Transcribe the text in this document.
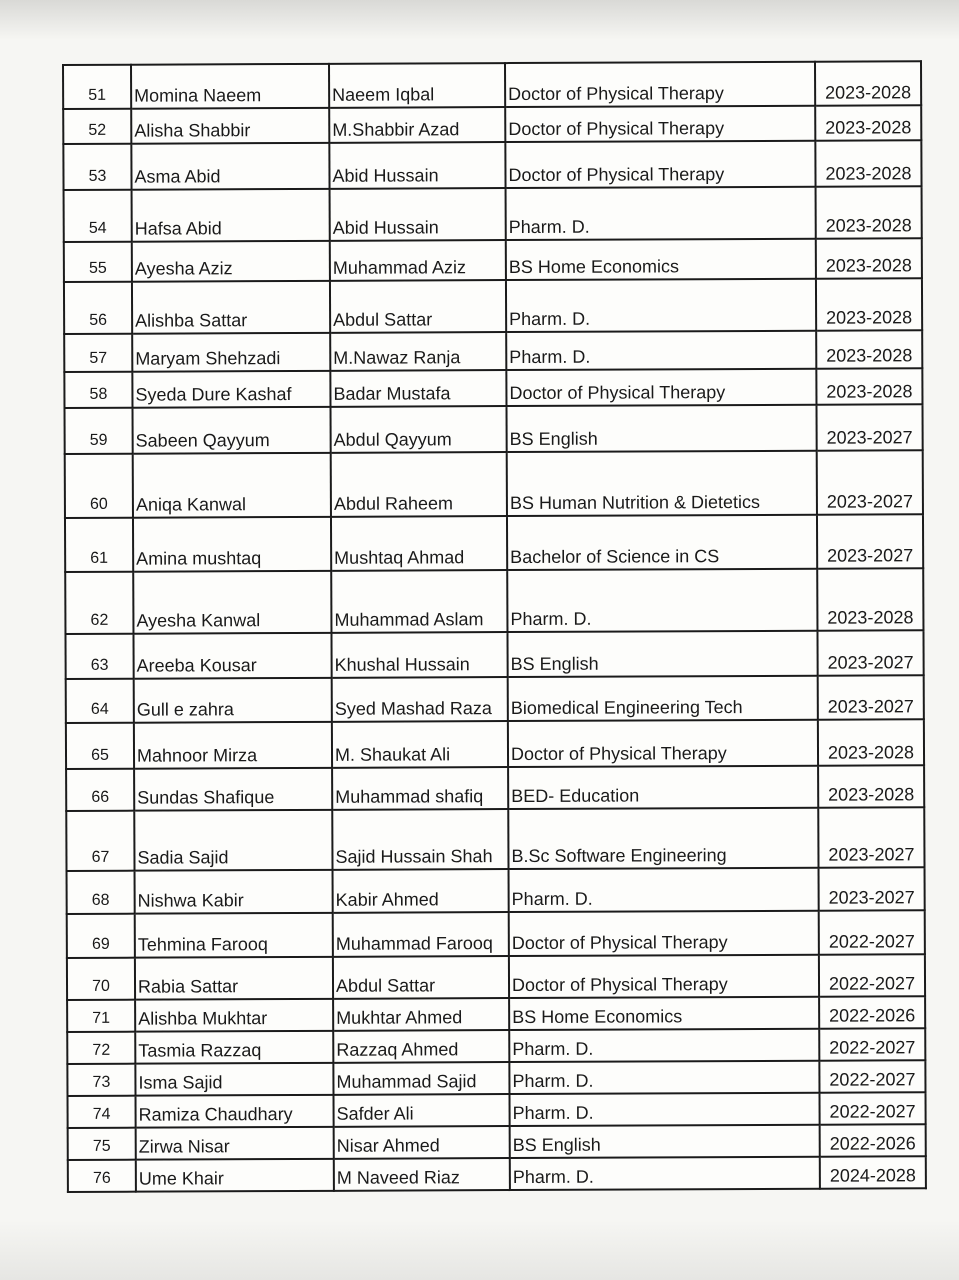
51	Momina Naeem	Naeem Iqbal	Doctor of Physical Therapy	2023-2028
52	Alisha Shabbir	M.Shabbir Azad	Doctor of Physical Therapy	2023-2028
53	Asma Abid	Abid Hussain	Doctor of Physical Therapy	2023-2028
54	Hafsa Abid	Abid Hussain	Pharm. D.	2023-2028
55	Ayesha Aziz	Muhammad Aziz	BS Home Economics	2023-2028
56	Alishba Sattar	Abdul Sattar	Pharm. D.	2023-2028
57	Maryam Shehzadi	M.Nawaz Ranja	Pharm. D.	2023-2028
58	Syeda Dure Kashaf	Badar Mustafa	Doctor of Physical Therapy	2023-2028
59	Sabeen Qayyum	Abdul Qayyum	BS English	2023-2027
60	Aniqa Kanwal	Abdul Raheem	BS Human Nutrition & Dietetics	2023-2027
61	Amina mushtaq	Mushtaq Ahmad	Bachelor of Science in CS	2023-2027
62	Ayesha Kanwal	Muhammad Aslam	Pharm. D.	2023-2028
63	Areeba Kousar	Khushal Hussain	BS English	2023-2027
64	Gull e zahra	Syed Mashad Raza	Biomedical Engineering Tech	2023-2027
65	Mahnoor Mirza	M. Shaukat Ali	Doctor of Physical Therapy	2023-2028
66	Sundas Shafique	Muhammad shafiq	BED- Education	2023-2028
67	Sadia Sajid	Sajid Hussain Shah	B.Sc Software Engineering	2023-2027
68	Nishwa Kabir	Kabir Ahmed	Pharm. D.	2023-2027
69	Tehmina Farooq	Muhammad Farooq	Doctor of Physical Therapy	2022-2027
70	Rabia Sattar	Abdul Sattar	Doctor of Physical Therapy	2022-2027
71	Alishba Mukhtar	Mukhtar Ahmed	BS Home Economics	2022-2026
72	Tasmia Razzaq	Razzaq Ahmed	Pharm. D.	2022-2027
73	Isma Sajid	Muhammad Sajid	Pharm. D.	2022-2027
74	Ramiza Chaudhary	Safder Ali	Pharm. D.	2022-2027
75	Zirwa Nisar	Nisar Ahmed	BS English	2022-2026
76	Ume Khair	M Naveed Riaz	Pharm. D.	2024-2028
